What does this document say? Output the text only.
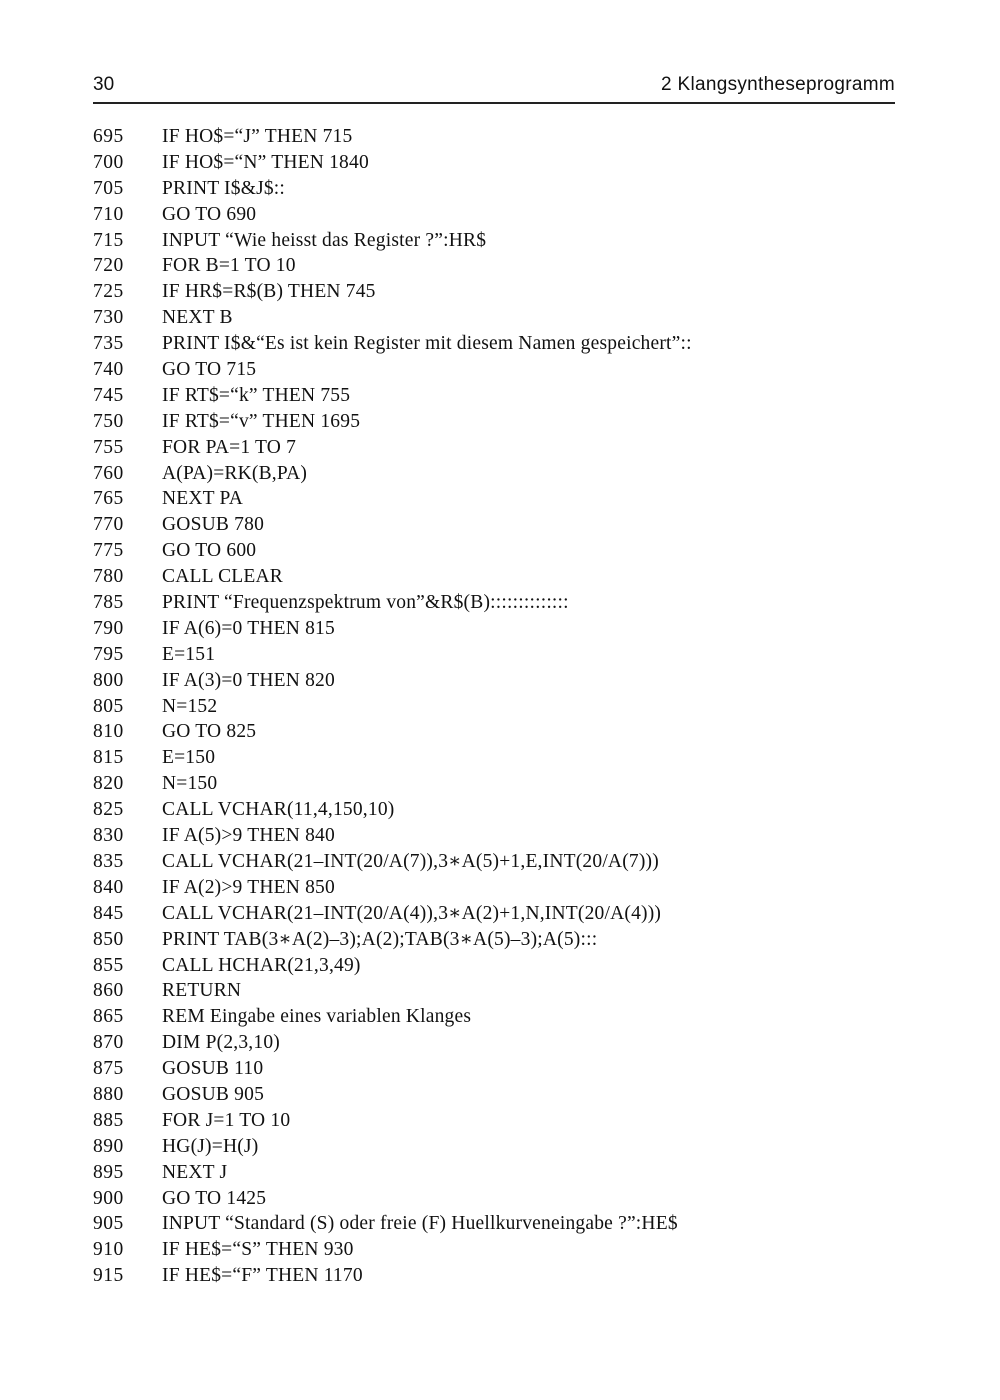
30	2 Klangsyntheseprogramm
695 IF HO$=“J” THEN 715
700 IF HO$=“N” THEN 1840
705 PRINT I$&J$::
710 GO TO 690
715 INPUT “Wie heisst das Register ?”:HR$
720 FOR B=1 TO 10
725 IF HR$=R$(B) THEN 745
730 NEXT B
735 PRINT I$&“Es ist kein Register mit diesem Namen gespeichert”::
740 GO TO 715
745 IF RT$=“k” THEN 755
750 IF RT$=“v” THEN 1695
755 FOR PA=1 TO 7
760 A(PA)=RK(B,PA)
765 NEXT PA
770 GOSUB 780
775 GO TO 600
780 CALL CLEAR
785 PRINT “Frequenzspektrum von”&R$(B)::::::::::::::
790 IF A(6)=0 THEN 815
795 E=151
800 IF A(3)=0 THEN 820
805 N=152
810 GO TO 825
815 E=150
820 N=150
825 CALL VCHAR(11,4,150,10)
830 IF A(5)>9 THEN 840
835 CALL VCHAR(21–INT(20/A(7)),3∗A(5)+1,E,INT(20/A(7)))
840 IF A(2)>9 THEN 850
845 CALL VCHAR(21–INT(20/A(4)),3∗A(2)+1,N,INT(20/A(4)))
850 PRINT TAB(3∗A(2)–3);A(2);TAB(3∗A(5)–3);A(5):::
855 CALL HCHAR(21,3,49)
860 RETURN
865 REM Eingabe eines variablen Klanges
870 DIM P(2,3,10)
875 GOSUB 110
880 GOSUB 905
885 FOR J=1 TO 10
890 HG(J)=H(J)
895 NEXT J
900 GO TO 1425
905 INPUT “Standard (S) oder freie (F) Huellkurveneingabe ?”:HE$
910 IF HE$=“S” THEN 930
915 IF HE$=“F” THEN 1170
